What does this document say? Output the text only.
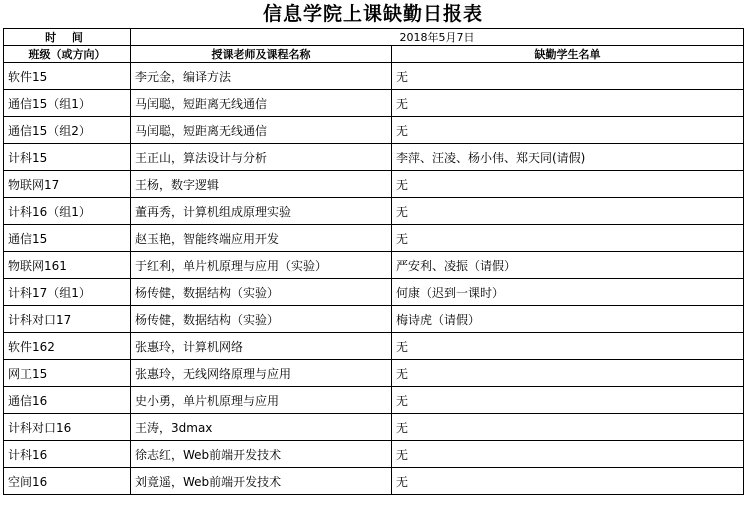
信息学院上课缺勤日报表
时 间	2018年5月7日	
班级（或方向）	授课老师及课程名称	缺勤学生名单
软件15	李元金，编译方法	无
通信15（组1）	马闰聪，短距离无线通信	无
通信15（组2）	马闰聪，短距离无线通信	无
计科15	王正山，算法设计与分析	李萍、汪凌、杨小伟、郑天同(请假)
物联网17	王杨，数字逻辑	无
计科16（组1）	董再秀，计算机组成原理实验	无
通信15	赵玉艳，智能终端应用开发	无
物联网161	于红利，单片机原理与应用（实验）	严安利、凌振（请假）
计科17（组1）	杨传健，数据结构（实验）	何康（迟到一课时）
计科对口17	杨传健，数据结构（实验）	梅诗虎（请假）
软件162	张惠玲，计算机网络	无
网工15	张惠玲，无线网络原理与应用	无
通信16	史小勇，单片机原理与应用	无
计科对口16	王涛，3dmax	无
计科16	徐志红，Web前端开发技术	无
空间16	刘竟遥，Web前端开发技术	无
